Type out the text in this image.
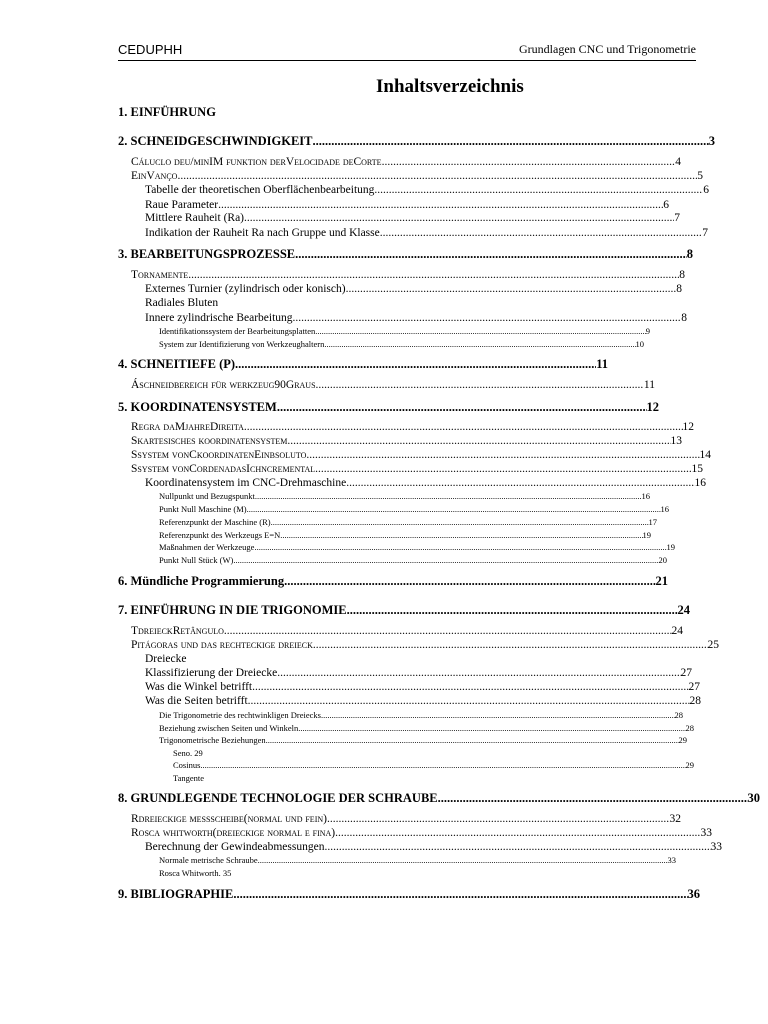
CEDUPHH	Grundlagen CNC und Trigonometrie
Inhaltsverzeichnis
1. EINFÜHRUNG
2. SCHNEIDGESCHWINDIGKEIT .....	3
Cáluclo deu/minIM funktion derVelocidade deCorte .....	4
EinVanço .....	5
Tabelle der theoretischen Oberflächenbearbeitung .....	6
Raue Parameter .....	6
Mittlere Rauheit (Ra) .....	7
Indikation der Rauheit Ra nach Gruppe und Klasse .....	7
3. BEARBEITUNGSPROZESSE .....	8
Tornamente .....	8
Externes Turnier (zylindrisch oder konisch) .....	8
Radiales Bluten
Innere zylindrische Bearbeitung .....	8
Identifikationssystem der Bearbeitungsplatten .....	9
System zur Identifizierung von Werkzeughaltern .....	10
4. SCHNEITIEFE (P) .....	11
Áschneidbereich für werkzeug90Graus .....	11
5. KOORDINATENSYSTEM .....	12
Regra daMjahreDireita .....	12
Skartesisches koordinatensystem .....	13
Ssystem vonCkoordinatenEinbsoluto .....	14
Ssystem vonCordenadasIchncremental .....	15
Koordinatensystem im CNC-Drehmaschine .....	16
Nullpunkt und Bezugspunkt .....	16
Punkt Null Maschine (M) .....	16
Referenzpunkt der Maschine (R) .....	17
Referenzpunkt des Werkzeugs E=N .....	19
Maßnahmen der Werkzeuge .....	19
Punkt Null Stück (W) .....	20
6. Mündliche Programmierung .....	21
7. EINFÜHRUNG IN DIE TRIGONOMIE .....	24
TdreieckRetângulo .....	24
Pitágoras und das rechteckige dreieck .....	25
Dreiecke
Klassifizierung der Dreiecke .....	27
Was die Winkel betrifft .....	27
Was die Seiten betrifft .....	28
Die Trigonometrie des rechtwinkligen Dreiecks .....	28
Beziehung zwischen Seiten und Winkeln .....	28
Trigonometrische Beziehungen .....	29
Seno. 29
Cosinus .....	29
Tangente
8. GRUNDLEGENDE TECHNOLOGIE DER SCHRAUBE .....	30
Rdreieckige messscheibe(normal und fein) .....	32
Rosca whitworth(dreieckige normal e fina) .....	33
Berechnung der Gewindeabmessungen .....	33
Normale metrische Schraube .....	33
Rosca Whitworth. 35
9. BIBLIOGRAPHIE .....	36
